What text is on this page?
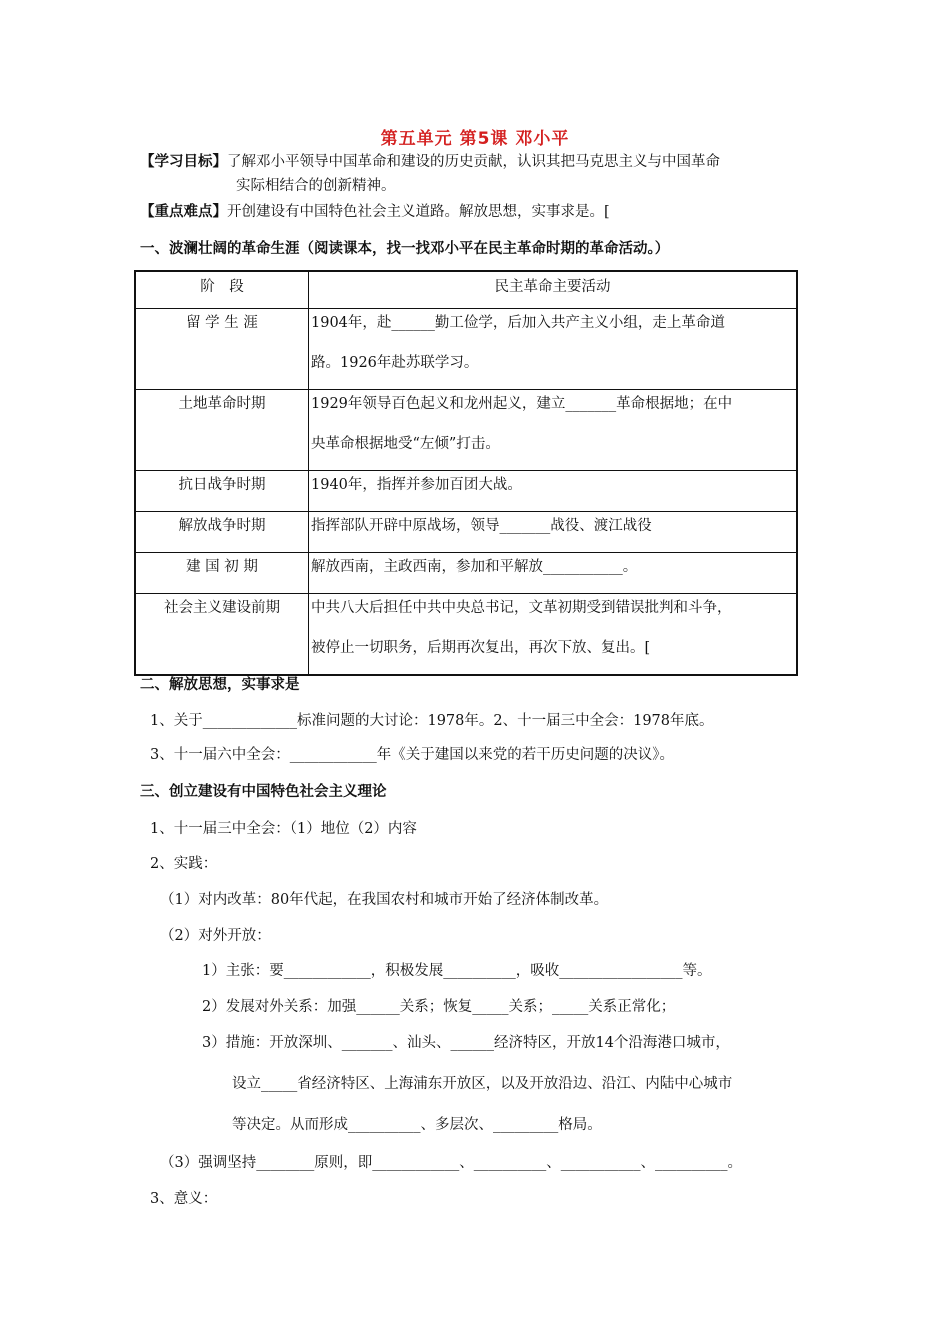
第五单元 第5课 邓小平
【学习目标】了解邓小平领导中国革命和建设的历史贡献，认识其把马克思主义与中国革命
实际相结合的创新精神。
【重点难点】开创建设有中国特色社会主义道路。解放思想，实事求是。[
一、波澜壮阔的革命生涯（阅读课本，找一找邓小平在民主革命时期的革命活动。）
阶　段	民主革命主要活动

留 学 生 涯	1904年，赴______勤工俭学，后加入共产主义小组，走上革命道
路。1926年赴苏联学习。

土地革命时期	1929年领导百色起义和龙州起义，建立_______革命根据地；在中
央革命根据地受“左倾”打击。

抗日战争时期	1940年，指挥并参加百团大战。

解放战争时期	指挥部队开辟中原战场，领导_______战役、渡江战役

建 国 初 期	解放西南，主政西南，参加和平解放___________。

社会主义建设前期	中共八大后担任中共中央总书记，文革初期受到错误批判和斗争，
被停止一切职务，后期再次复出，再次下放、复出。[
二、解放思想，实事求是
1、关于_____________标准问题的大讨论：1978年。2、十一届三中全会：1978年底。
3、十一届六中全会：____________年《关于建国以来党的若干历史问题的决议》。
三、创立建设有中国特色社会主义理论
1、十一届三中全会：（1）地位（2）内容
2、实践：
（1）对内改革：80年代起，在我国农村和城市开始了经济体制改革。
（2）对外开放：
1）主张：要____________，积极发展__________，吸收_________________等。
2）发展对外关系：加强______关系；恢复_____关系；_____关系正常化；
3）措施：开放深圳、_______、汕头、______经济特区，开放14个沿海港口城市，
设立_____省经济特区、上海浦东开放区，以及开放沿边、沿江、内陆中心城市
等决定。从而形成__________、多层次、_________格局。
（3）强调坚持________原则，即____________、__________、___________、__________。
3、意义：
